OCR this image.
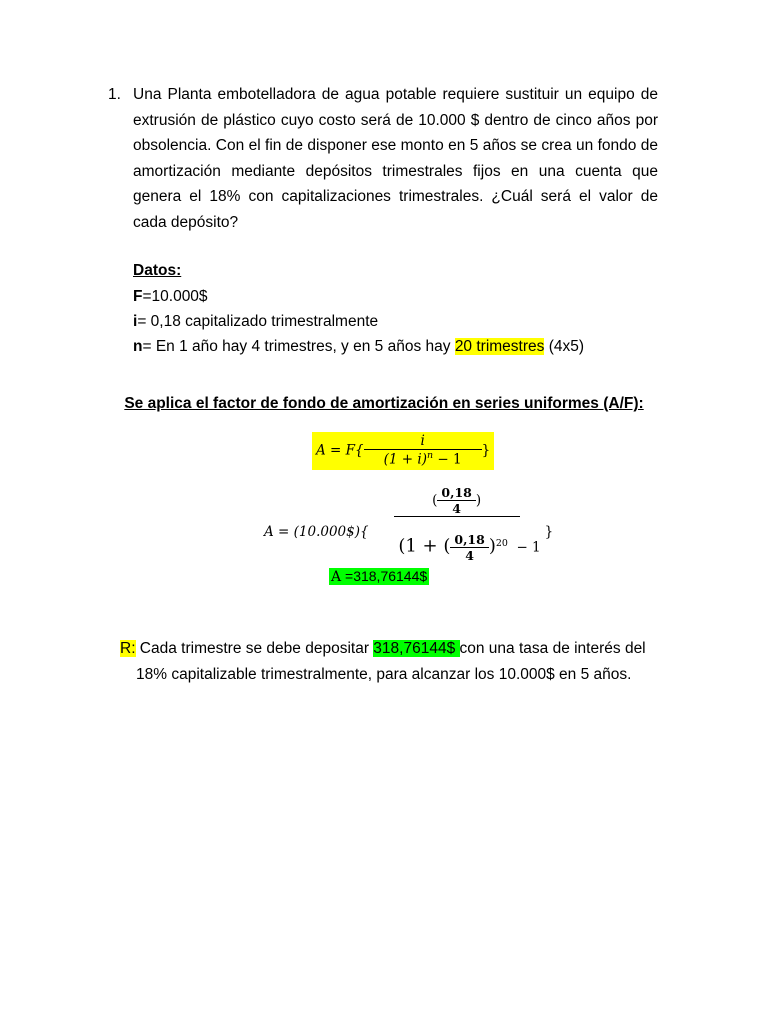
1. Una Planta embotelladora de agua potable requiere sustituir un equipo de extrusión de plástico cuyo costo será de 10.000 $ dentro de cinco años por obsolencia. Con el fin de disponer ese monto en 5 años se crea un fondo de amortización mediante depósitos trimestrales fijos en una cuenta que genera el 18% con capitalizaciones trimestrales. ¿Cuál será el valor de cada depósito?

Datos:
F=10.000$
i= 0,18 capitalizado trimestralmente
n= En 1 año hay 4 trimestres, y en 5 años hay 20 trimestres (4x5)
Se aplica el factor de fondo de amortización en series uniformes (A/F):
$A = F\{ \frac{i}{(1 + i)^n - 1}$ }
A = (10.000$){ $\frac{( \frac{0,18}{4} )}{(1 + ( \frac{0,18}{4} )^{20} - 1}$
}
A =318,76144$
R: Cada trimestre se debe depositar 318,76144$ con una tasa de interés del
18% capitalizable trimestralmente, para alcanzar los 10.000$ en 5 años.
